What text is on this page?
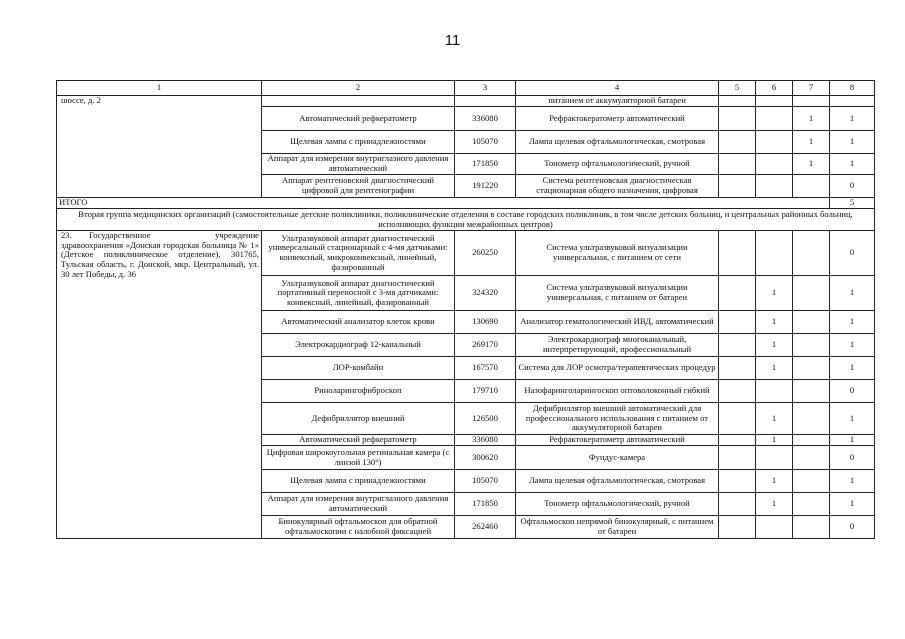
11
1	2	3	4	5	6	7	8
шоссе, д. 2			питанием от аккумуляторной батареи				
	Автоматический рефкератометр	336080	Рефрактокератометр автоматический			1	1
	Щелевая лампа с принадлежностями	105070	Лампа щелевая офтальмологическая, смотровая			1	1
	Аппарат для измерения внутриглазного давления автоматический	171850	Тонометр офтальмологический, ручной			1	1
	Аппарат рентгеновский диагностический цифровой для рентгенографии	191220	Система рентгеновская диагностическая стационарная общего назначения, цифровая				0
ИТОГО							5
Вторая группа медицинских организаций (самостоятельные детские поликлиники, поликлинические отделения в составе городских поликлиник, в том числе детских больниц, и центральных районных больниц, исполняющих функции межрайонных центров)							
23. Государственное учреждение здравоохранения «Донская городская больница № 1» (Детское поликлиническое отделение), 301765, Тульская область, г. Донской, мкр. Центральный, ул. 30 лет Победы, д. 36	Ультразвуковой аппарат диагностический универсальный стационарный с 4-мя датчиками: конвексный, микроконвексный, линейный, фазированный	260250	Система ультразвуковой визуализации универсальная, с питанием от сети				0
	Ультразвуковой аппарат диагностический портативный переносной с 3-мя датчиками: конвексный, линейный, фазированный	324320	Система ультразвуковой визуализации универсальная, с питанием от батареи		1		1
	Автоматический анализатор клеток крови	130690	Анализатор гематологический ИВД, автоматический		1		1
	Электрокардиограф 12-канальный	269170	Электрокардиограф многоканальный, интерпретирующий, профессиональный		1		1
	ЛОР-комбайн	167570	Система для ЛОР осмотра/терапевтических процедур		1		1
	Риноларингофиброскоп	179710	Назофаринголарингоскоп оптоволоконный гибкий				0
	Дефибриллятор внешний	126500	Дефибриллятор внешний автоматический для профессионального использования с питанием от аккумуляторной батареи		1		1
	Автоматический рефкератометр	336080	Рефрактокератометр автоматический		1		1
	Цифровая широкоугольная ретинальная камера (с линзой 130°)	300620	Фундус-камера				0
	Щелевая лампа с принадлежностями	105070	Лампа щелевая офтальмологическая, смотровая		1		1
	Аппарат для измерения внутриглазного давления автоматический	171850	Тонометр офтальмологический, ручной		1		1
	Бинокулярный офтальмоскоп для обратной офтальмоскопии с налобной фиксацией	262460	Офтальмоскоп непрямой бинокулярный, с питанием от батареи				0
